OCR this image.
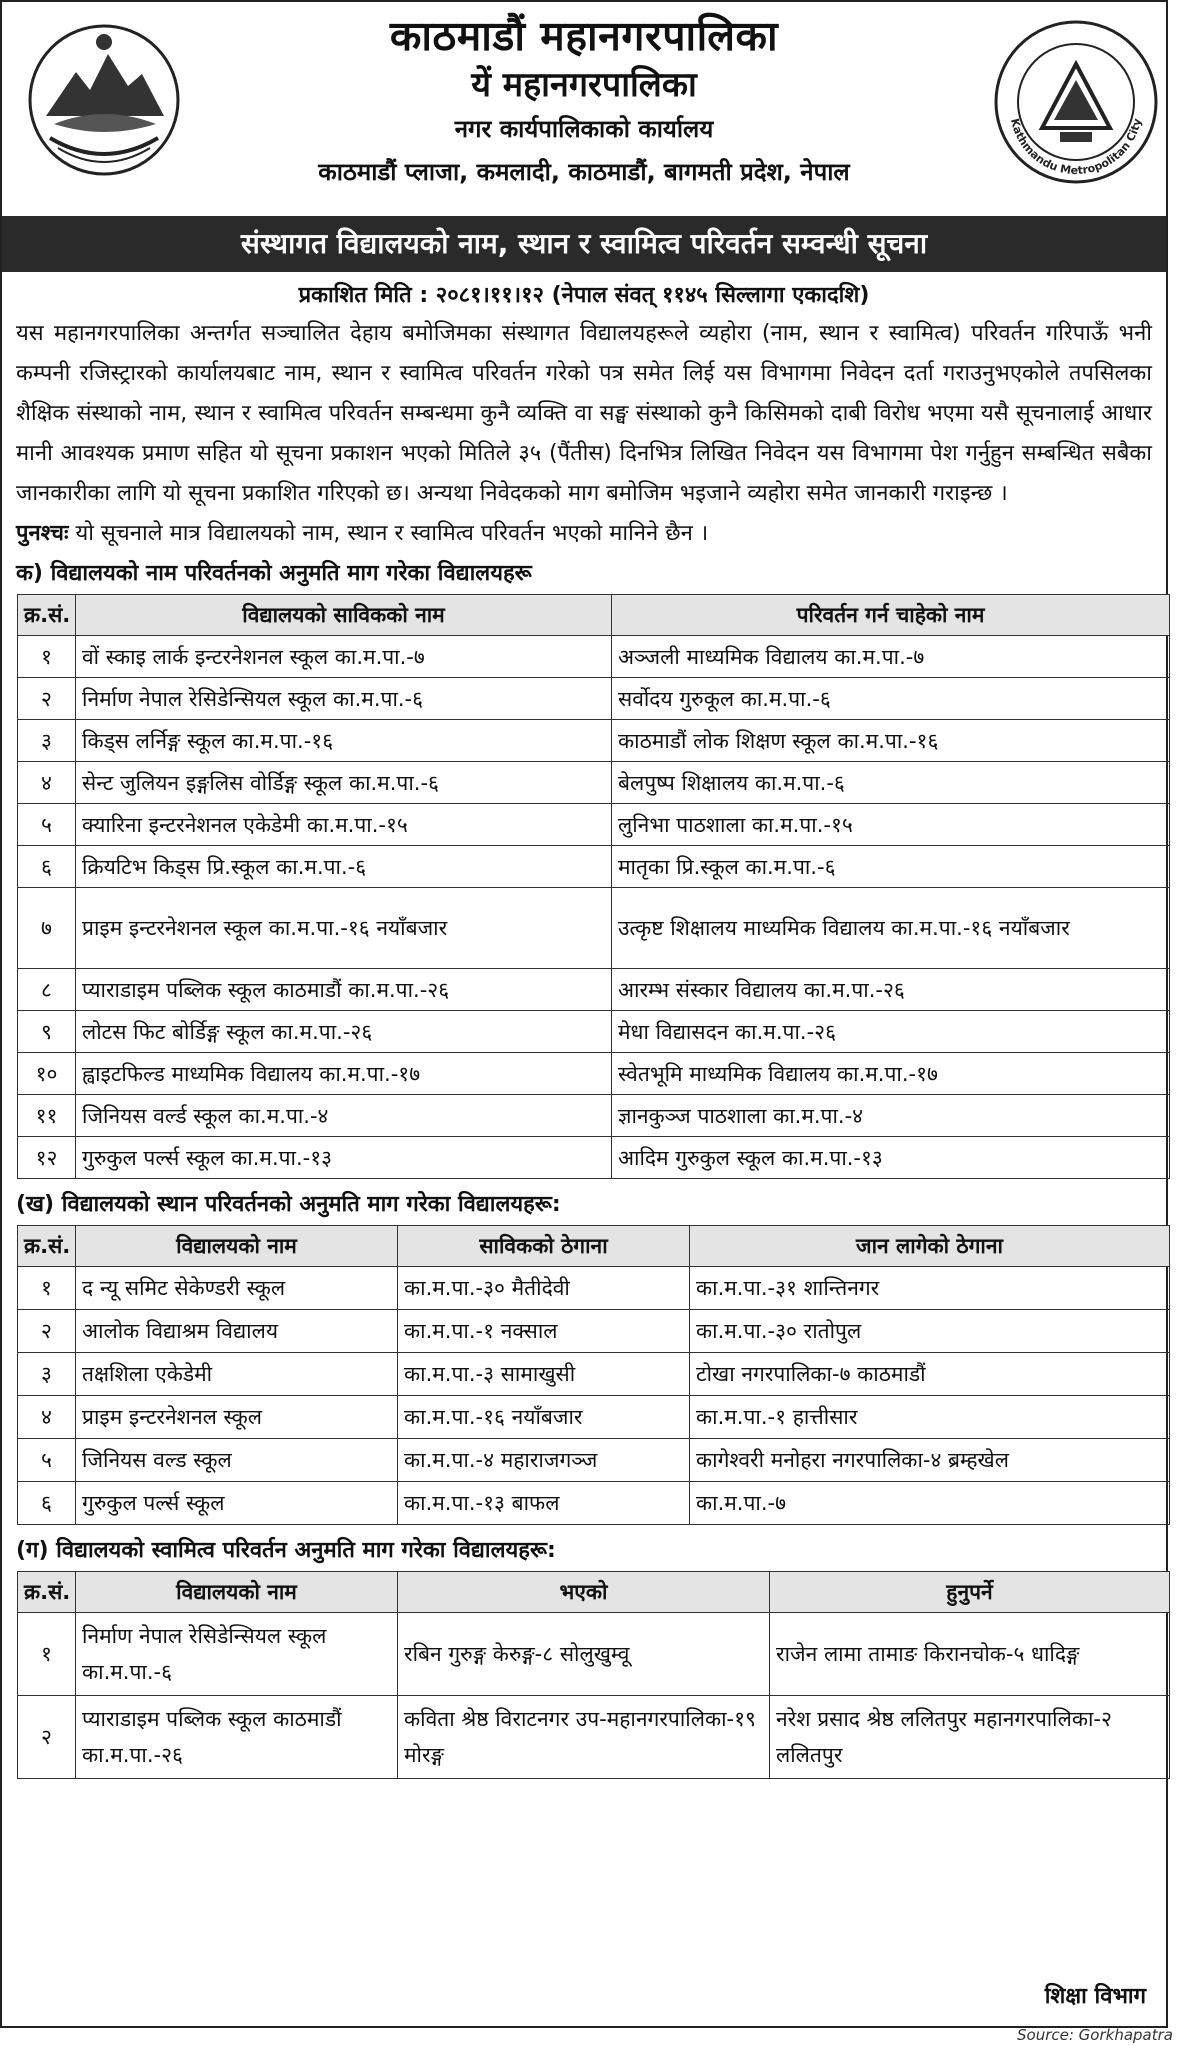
काठमाडौं महानगरपालिका
यें महानगरपालिका
नगर कार्यपालिकाको कार्यालय
काठमाडौं प्लाजा, कमलादी, काठमाडौं, बागमती प्रदेश, नेपाल
Kathmandu Metropolitan City
संस्थागत विद्यालयको नाम, स्थान र स्वामित्व परिवर्तन सम्वन्धी सूचना
प्रकाशित मिति : २०८१।११।१२ (नेपाल संवत् ११४५ सिल्लागा एकादशि)

यस महानगरपालिका अन्तर्गत सञ्चालित देहाय बमोजिमका संस्थागत विद्यालयहरूले व्यहोरा (नाम, स्थान र स्वामित्व) परिवर्तन गरिपाऊँ भनी कम्पनी रजिस्ट्रारको कार्यालयबाट नाम, स्थान र स्वामित्व परिवर्तन गरेको पत्र समेत लिई यस विभागमा निवेदन दर्ता गराउनुभएकोले तपसिलका शैक्षिक संस्थाको नाम, स्थान र स्वामित्व परिवर्तन सम्बन्धमा कुनै व्यक्ति वा सङ्घ संस्थाको कुनै किसिमको दाबी विरोध भएमा यसै सूचनालाई आधार मानी आवश्यक प्रमाण सहित यो सूचना प्रकाशन भएको मितिले ३५ (पैंतीस) दिनभित्र लिखित निवेदन यस विभागमा पेश गर्नुहुन सम्बन्धित सबैका जानकारीका लागि यो सूचना प्रकाशित गरिएको छ। अन्यथा निवेदकको माग बमोजिम भइजाने व्यहोरा समेत जानकारी गराइन्छ ।

पुनश्चः यो सूचनाले मात्र विद्यालयको नाम, स्थान र स्वामित्व परिवर्तन भएको मानिने छैन ।

क) विद्यालयको नाम परिवर्तनको अनुमति माग गरेका विद्यालयहरू

क्र.सं.	विद्यालयको साविकको नाम	परिवर्तन गर्न चाहेको नाम
१	वों स्काइ लार्क इन्टरनेशनल स्कूल का.म.पा.-७	अञ्जली माध्यमिक विद्यालय का.म.पा.-७
२	निर्माण नेपाल रेसिडेन्सियल स्कूल का.म.पा.-६	सर्वोदय गुरुकूल का.म.पा.-६
३	किड्स लर्निङ्ग स्कूल का.म.पा.-१६	काठमाडौं लोक शिक्षण स्कूल का.म.पा.-१६
४	सेन्ट जुलियन इङ्गलिस वोर्डिङ्ग स्कूल का.म.पा.-६	बेलपुष्प शिक्षालय का.म.पा.-६
५	क्यारिना इन्टरनेशनल एकेडेमी का.म.पा.-१५	लुनिभा पाठशाला का.म.पा.-१५
६	क्रियटिभ किड्स प्रि.स्कूल का.म.पा.-६	मातृका प्रि.स्कूल का.म.पा.-६
७	प्राइम इन्टरनेशनल स्कूल का.म.पा.-१६ नयाँबजार	उत्कृष्ट शिक्षालय माध्यमिक विद्यालय का.म.पा.-१६ नयाँबजार
८	प्याराडाइम पब्लिक स्कूल काठमाडौं का.म.पा.-२६	आरम्भ संस्कार विद्यालय का.म.पा.-२६
९	लोटस फिट बोर्डिङ्ग स्कूल का.म.पा.-२६	मेधा विद्यासदन का.म.पा.-२६
१०	ह्वाइटफिल्ड माध्यमिक विद्यालय का.म.पा.-१७	स्वेतभूमि माध्यमिक विद्यालय का.म.पा.-१७
११	जिनियस वर्ल्ड स्कूल का.म.पा.-४	ज्ञानकुञ्ज पाठशाला का.म.पा.-४
१२	गुरुकुल पर्ल्स स्कूल का.म.पा.-१३	आदिम गुरुकुल स्कूल का.म.पा.-१३

(ख) विद्यालयको स्थान परिवर्तनको अनुमति माग गरेका विद्यालयहरू:

क्र.सं.	विद्यालयको नाम	साविकको ठेगाना	जान लागेको ठेगाना
१	द न्यू समिट सेकेण्डरी स्कूल	का.म.पा.-३० मैतीदेवी	का.म.पा.-३१ शान्तिनगर
२	आलोक विद्याश्रम विद्यालय	का.म.पा.-१ नक्साल	का.म.पा.-३० रातोपुल
३	तक्षशिला एकेडेमी	का.म.पा.-३ सामाखुसी	टोखा नगरपालिका-७ काठमाडौं
४	प्राइम इन्टरनेशनल स्कूल	का.म.पा.-१६ नयाँबजार	का.म.पा.-१ हात्तीसार
५	जिनियस वल्ड स्कूल	का.म.पा.-४ महाराजगञ्ज	कागेश्वरी मनोहरा नगरपालिका-४ ब्रम्हखेल
६	गुरुकुल पर्ल्स स्कूल	का.म.पा.-१३ बाफल	का.म.पा.-७

(ग) विद्यालयको स्वामित्व परिवर्तन अनुमति माग गरेका विद्यालयहरू:

क्र.सं.	विद्यालयको नाम	भएको	हुनुपर्ने
१	निर्माण नेपाल रेसिडेन्सियल स्कूल का.म.पा.-६	रबिन गुरुङ्ग केरुङ्ग-८ सोलुखुम्वू	राजेन लामा तामाङ किरानचोक-५ धादिङ्ग
२	प्याराडाइम पब्लिक स्कूल काठमाडौं का.म.पा.-२६	कविता श्रेष्ठ विराटनगर उप-महानगरपालिका-१९ मोरङ्ग	नरेश प्रसाद श्रेष्ठ ललितपुर महानगरपालिका-२ ललितपुर
शिक्षा विभाग
Source: Gorkhapatra
